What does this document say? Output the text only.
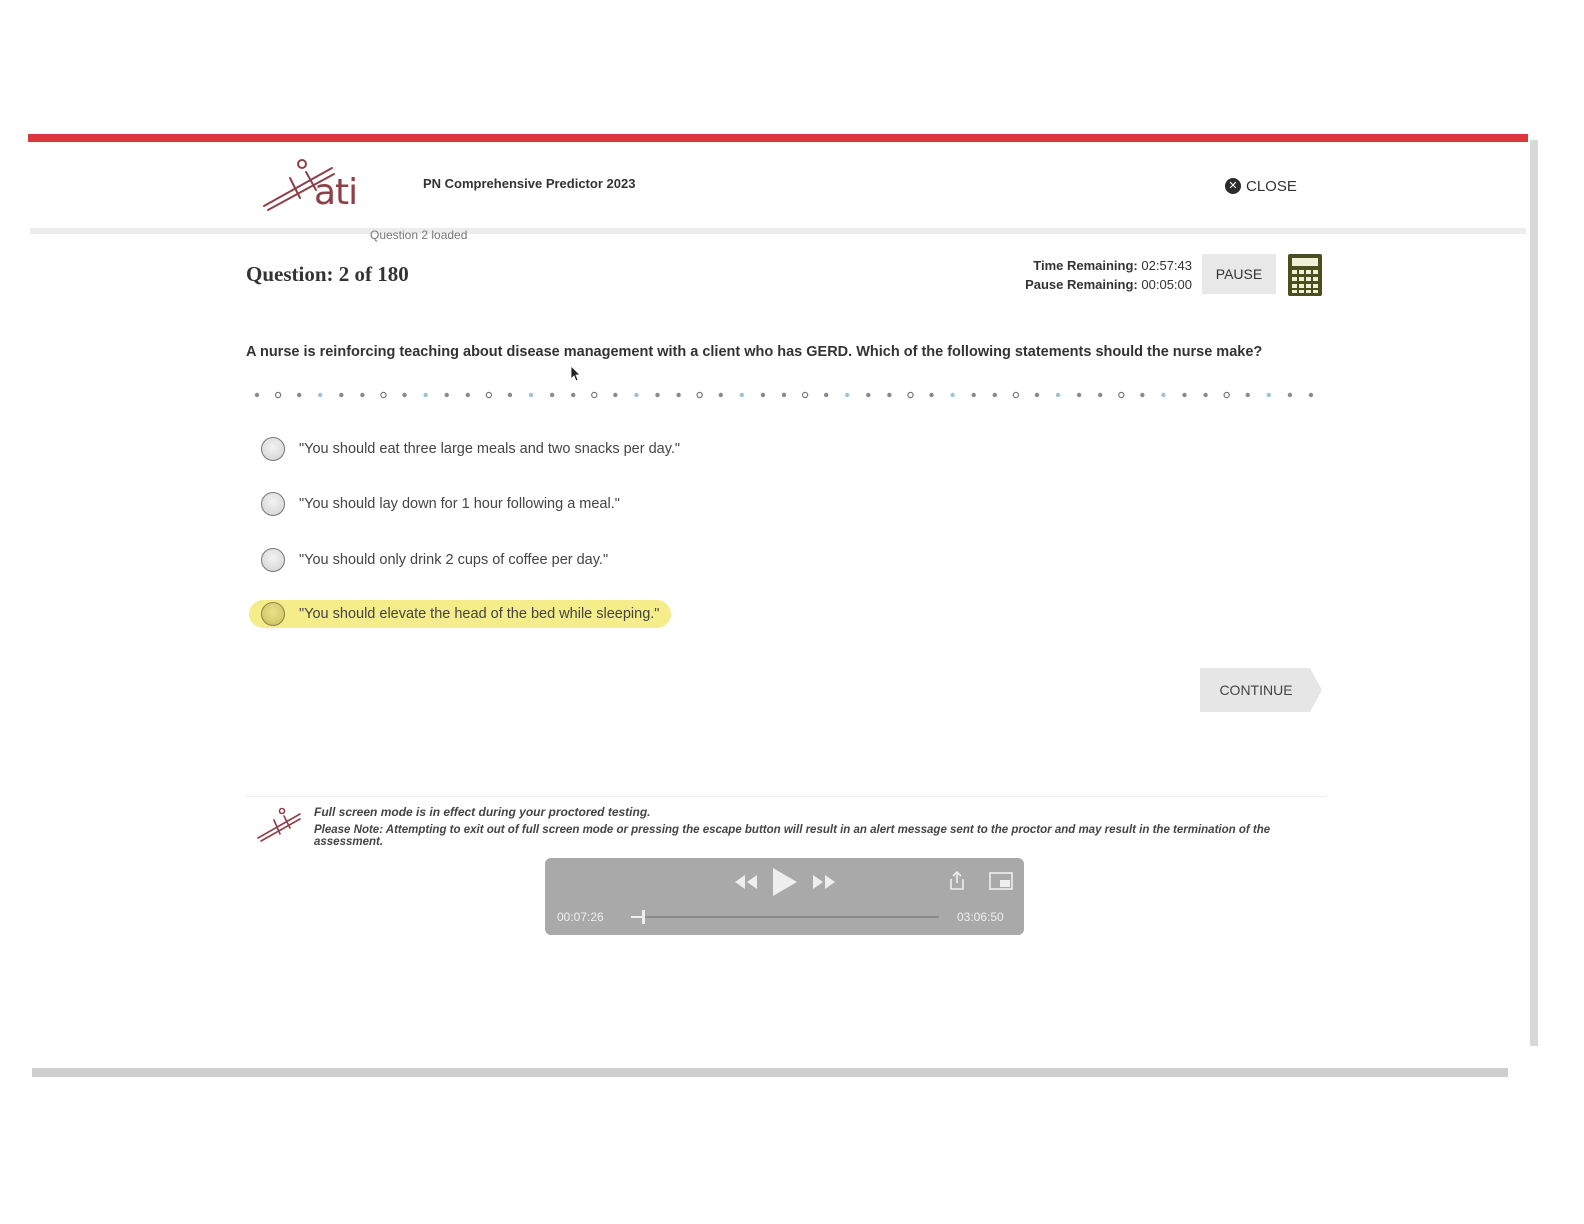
ati	PN Comprehensive Predictor 2023
Question 2 loaded
✕ CLOSE
Question: 2 of 180	Time Remaining: 02:57:43
Pause Remaining: 00:05:00
PAUSE
A nurse is reinforcing teaching about disease management with a client who has GERD. Which of the following statements should the nurse make?
"You should eat three large meals and two snacks per day."
"You should lay down for 1 hour following a meal."
"You should only drink 2 cups of coffee per day."
"You should elevate the head of the bed while sleeping."
CONTINUE
Full screen mode is in effect during your proctored testing.
Please Note: Attempting to exit out of full screen mode or pressing the escape button will result in an alert message sent to the proctor and may result in the termination of the assessment.
00:07:26	03:06:50
